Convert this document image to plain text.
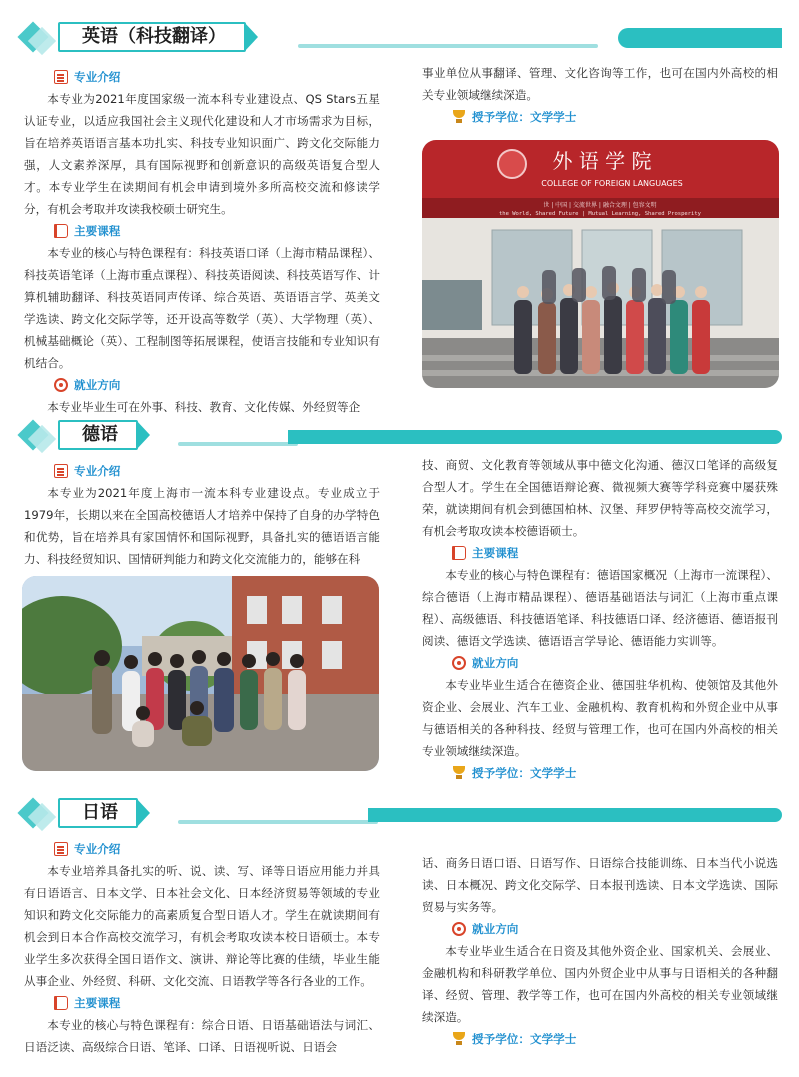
英语（科技翻译）
专业介绍

本专业为2021年度国家级一流本科专业建设点、QS Stars五星认证专业，以适应我国社会主义现代化建设和人才市场需求为目标，旨在培养英语语言基本功扎实、科技专业知识面广、跨文化交际能力强，人文素养深厚，具有国际视野和创新意识的高级英语复合型人才。本专业学生在读期间有机会申请到境外多所高校交流和修读学分，有机会考取并攻读我校硕士研究生。

主要课程

本专业的核心与特色课程有：科技英语口译（上海市精品课程）、科技英语笔译（上海市重点课程）、科技英语阅读、科技英语写作、计算机辅助翻译、科技英语同声传译、综合英语、英语语言学、英美文学选读、跨文化交际学等，还开设高等数学（英）、大学物理（英）、机械基础概论（英）、工程制图等拓展课程，使语言技能和专业知识有机结合。

就业方向

本专业毕业生可在外事、科技、教育、文化传媒、外经贸等企

事业单位从事翻译、管理、文化咨询等工作，也可在国内外高校的相关专业领域继续深造。

授予学位：文学学士
外 语 学 院
COLLEGE OF FOREIGN LANGUAGES
世 | 中国 | 交流世界 | 融合文理 | 包容文明
the World, Shared Future | Mutual Learning, Shared Prosperity
德语
专业介绍

本专业为2021年度上海市一流本科专业建设点。专业成立于1979年，长期以来在全国高校德语人才培养中保持了自身的办学特色和优势，旨在培养具有家国情怀和国际视野，具备扎实的德语语言能力、科技经贸知识、国情研判能力和跨文化交流能力的，能够在科

技、商贸、文化教育等领域从事中德文化沟通、德汉口笔译的高级复合型人才。学生在全国德语辩论赛、微视频大赛等学科竞赛中屡获殊荣，就读期间有机会到德国柏林、汉堡、拜罗伊特等高校交流学习，有机会考取攻读本校德语硕士。

主要课程

本专业的核心与特色课程有：德语国家概况（上海市一流课程）、综合德语（上海市精品课程）、德语基础语法与词汇（上海市重点课程）、高级德语、科技德语笔译、科技德语口译、经济德语、德语报刊阅读、德语文学选读、德语语言学导论、德语能力实训等。

就业方向

本专业毕业生适合在德资企业、德国驻华机构、使领馆及其他外资企业、会展业、汽车工业、金融机构、教育机构和外贸企业中从事与德语相关的各种科技、经贸与管理工作，也可在国内外高校的相关专业领域继续深造。

授予学位：文学学士
日语
专业介绍

本专业培养具备扎实的听、说、读、写、译等日语应用能力并具有日语语言、日本文学、日本社会文化、日本经济贸易等领域的专业知识和跨文化交际能力的高素质复合型日语人才。学生在就读期间有机会到日本合作高校交流学习，有机会考取攻读本校日语硕士。本专业学生多次获得全国日语作文、演讲、辩论等比赛的佳绩，毕业生能从事企业、外经贸、科研、文化交流、日语教学等各行各业的工作。

主要课程

本专业的核心与特色课程有：综合日语、日语基础语法与词汇、日语泛读、高级综合日语、笔译、口译、日语视听说、日语会

话、商务日语口语、日语写作、日语综合技能训练、日本当代小说选读、日本概况、跨文化交际学、日本报刊选读、日本文学选读、国际贸易与实务等。

就业方向

本专业毕业生适合在日资及其他外资企业、国家机关、会展业、金融机构和科研教学单位、国内外贸企业中从事与日语相关的各种翻译、经贸、管理、教学等工作，也可在国内外高校的相关专业领域继续深造。

授予学位：文学学士
